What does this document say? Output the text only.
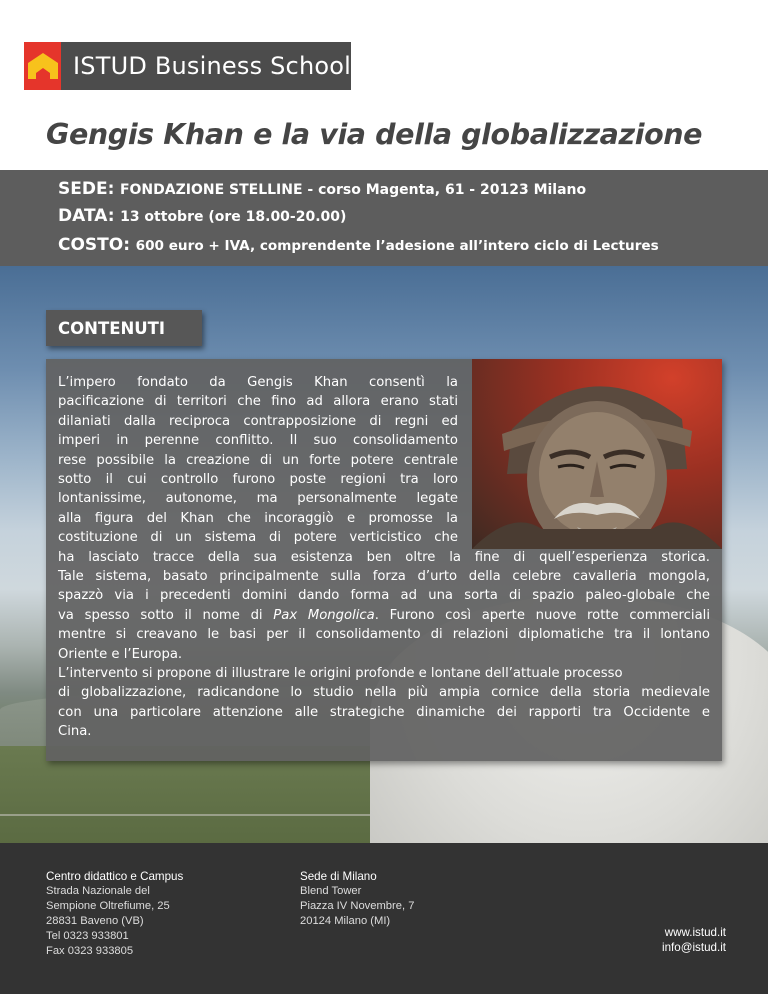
ISTUD Business School
Gengis Khan e la via della globalizzazione
SEDE: FONDAZIONE STELLINE - corso Magenta, 61 - 20123 Milano
DATA: 13 ottobre (ore 18.00-20.00)
COSTO: 600 euro + IVA, comprendente l’adesione all’intero ciclo di Lectures
CONTENUTI
L’impero fondato da Gengis Khan consentì la
pacificazione di territori che fino ad allora erano stati
dilaniati dalla reciproca contrapposizione di regni ed
imperi in perenne conflitto. Il suo consolidamento
rese possibile la creazione di un forte potere centrale
sotto il cui controllo furono poste regioni tra loro
lontanissime, autonome, ma personalmente legate
alla figura del Khan che incoraggiò e promosse la
costituzione di un sistema di potere verticistico che
ha lasciato tracce della sua esistenza ben oltre la fine di quell’esperienza storica.
Tale sistema, basato principalmente sulla forza d’urto della celebre cavalleria mongola,
spazzò via i precedenti domini dando forma ad una sorta di spazio paleo-globale che
va spesso sotto il nome di Pax Mongolica. Furono così aperte nuove rotte commerciali
mentre si creavano le basi per il consolidamento di relazioni diplomatiche tra il lontano
Oriente e l’Europa.
L’intervento si propone di illustrare le origini profonde e lontane dell’attuale processo
di globalizzazione, radicandone lo studio nella più ampia cornice della storia medievale
con una particolare attenzione alle strategiche dinamiche dei rapporti tra Occidente e
Cina.
Centro didattico e Campus
Strada Nazionale del
Sempione Oltrefiume, 25
28831 Baveno (VB)
Tel 0323 933801
Fax 0323 933805
Sede di Milano
Blend Tower
Piazza IV Novembre, 7
20124 Milano (MI)
www.istud.it
info@istud.it
